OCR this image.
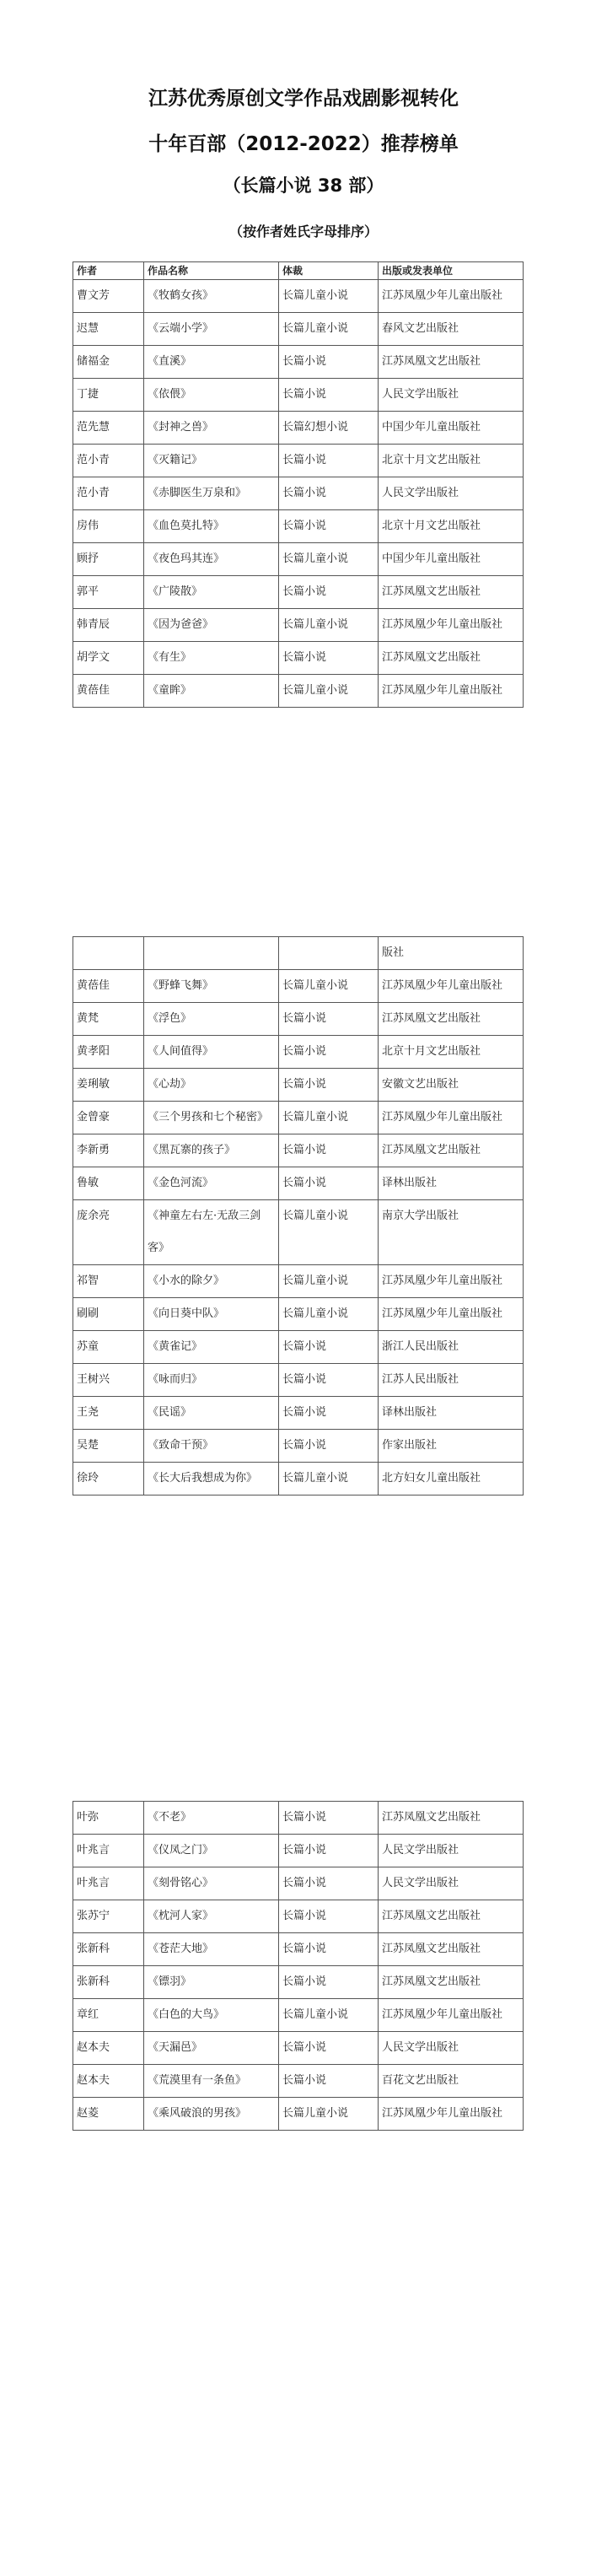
江苏优秀原创文学作品戏剧影视转化
十年百部（2012-2022）推荐榜单
（长篇小说 38 部）
（按作者姓氏字母排序）
作者	作品名称	体裁	出版或发表单位
曹文芳	《牧鹤女孩》	长篇儿童小说	江苏凤凰少年儿童出版社
迟慧	《云端小学》	长篇儿童小说	春风文艺出版社
储福金	《直溪》	长篇小说	江苏凤凰文艺出版社
丁捷	《依偎》	长篇小说	人民文学出版社
范先慧	《封神之兽》	长篇幻想小说	中国少年儿童出版社
范小青	《灭籍记》	长篇小说	北京十月文艺出版社
范小青	《赤脚医生万泉和》	长篇小说	人民文学出版社
房伟	《血色莫扎特》	长篇小说	北京十月文艺出版社
顾抒	《夜色玛其连》	长篇儿童小说	中国少年儿童出版社
郭平	《广陵散》	长篇小说	江苏凤凰文艺出版社
韩青辰	《因为爸爸》	长篇儿童小说	江苏凤凰少年儿童出版社
胡学文	《有生》	长篇小说	江苏凤凰文艺出版社
黄蓓佳	《童眸》	长篇儿童小说	江苏凤凰少年儿童出版社
			版社
黄蓓佳	《野蜂飞舞》	长篇儿童小说	江苏凤凰少年儿童出版社
黄梵	《浮色》	长篇小说	江苏凤凰文艺出版社
黄孝阳	《人间值得》	长篇小说	北京十月文艺出版社
姜琍敏	《心劫》	长篇小说	安徽文艺出版社
金曾豪	《三个男孩和七个秘密》	长篇儿童小说	江苏凤凰少年儿童出版社
李新勇	《黑瓦寨的孩子》	长篇小说	江苏凤凰文艺出版社
鲁敏	《金色河流》	长篇小说	译林出版社
庞余亮	《神童左右左·无敌三剑客》	长篇儿童小说	南京大学出版社
祁智	《小水的除夕》	长篇儿童小说	江苏凤凰少年儿童出版社
刷刷	《向日葵中队》	长篇儿童小说	江苏凤凰少年儿童出版社
苏童	《黄雀记》	长篇小说	浙江人民出版社
王树兴	《咏而归》	长篇小说	江苏人民出版社
王尧	《民谣》	长篇小说	译林出版社
吴楚	《致命干预》	长篇小说	作家出版社
徐玲	《长大后我想成为你》	长篇儿童小说	北方妇女儿童出版社
叶弥	《不老》	长篇小说	江苏凤凰文艺出版社
叶兆言	《仪凤之门》	长篇小说	人民文学出版社
叶兆言	《刻骨铭心》	长篇小说	人民文学出版社
张苏宁	《枕河人家》	长篇小说	江苏凤凰文艺出版社
张新科	《苍茫大地》	长篇小说	江苏凤凰文艺出版社
张新科	《镖羽》	长篇小说	江苏凤凰文艺出版社
章红	《白色的大鸟》	长篇儿童小说	江苏凤凰少年儿童出版社
赵本夫	《天漏邑》	长篇小说	人民文学出版社
赵本夫	《荒漠里有一条鱼》	长篇小说	百花文艺出版社
赵菱	《乘风破浪的男孩》	长篇儿童小说	江苏凤凰少年儿童出版社
